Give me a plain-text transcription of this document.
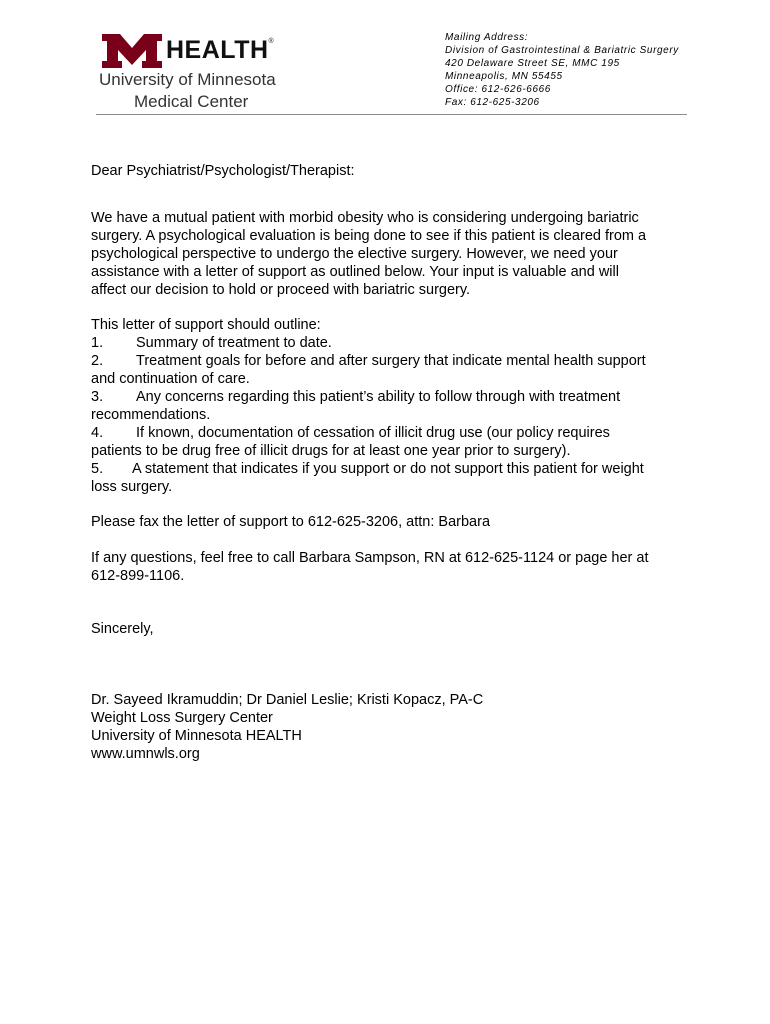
HEALTH®
University of Minnesota
Medical Center
Mailing Address:
Division of Gastrointestinal & Bariatric Surgery
420 Delaware Street SE, MMC 195
Minneapolis, MN 55455
Office: 612-626-6666
Fax: 612-625-3206
Dear Psychiatrist/Psychologist/Therapist:
We have a mutual patient with morbid obesity who is considering undergoing bariatric
surgery. A psychological evaluation is being done to see if this patient is cleared from a
psychological perspective to undergo the elective surgery. However, we need your
assistance with a letter of support as outlined below. Your input is valuable and will
affect our decision to hold or proceed with bariatric surgery.
This letter of support should outline:
1. Summary of treatment to date.
2. Treatment goals for before and after surgery that indicate mental health support
and continuation of care.
3. Any concerns regarding this patient’s ability to follow through with treatment
recommendations.
4. If known, documentation of cessation of illicit drug use (our policy requires
patients to be drug free of illicit drugs for at least one year prior to surgery).
5. A statement that indicates if you support or do not support this patient for weight
loss surgery.
Please fax the letter of support to 612-625-3206, attn: Barbara
If any questions, feel free to call Barbara Sampson, RN at 612-625-1124 or page her at
612-899-1106.
Sincerely,
Dr. Sayeed Ikramuddin; Dr Daniel Leslie; Kristi Kopacz, PA-C
Weight Loss Surgery Center
University of Minnesota HEALTH
www.umnwls.org
